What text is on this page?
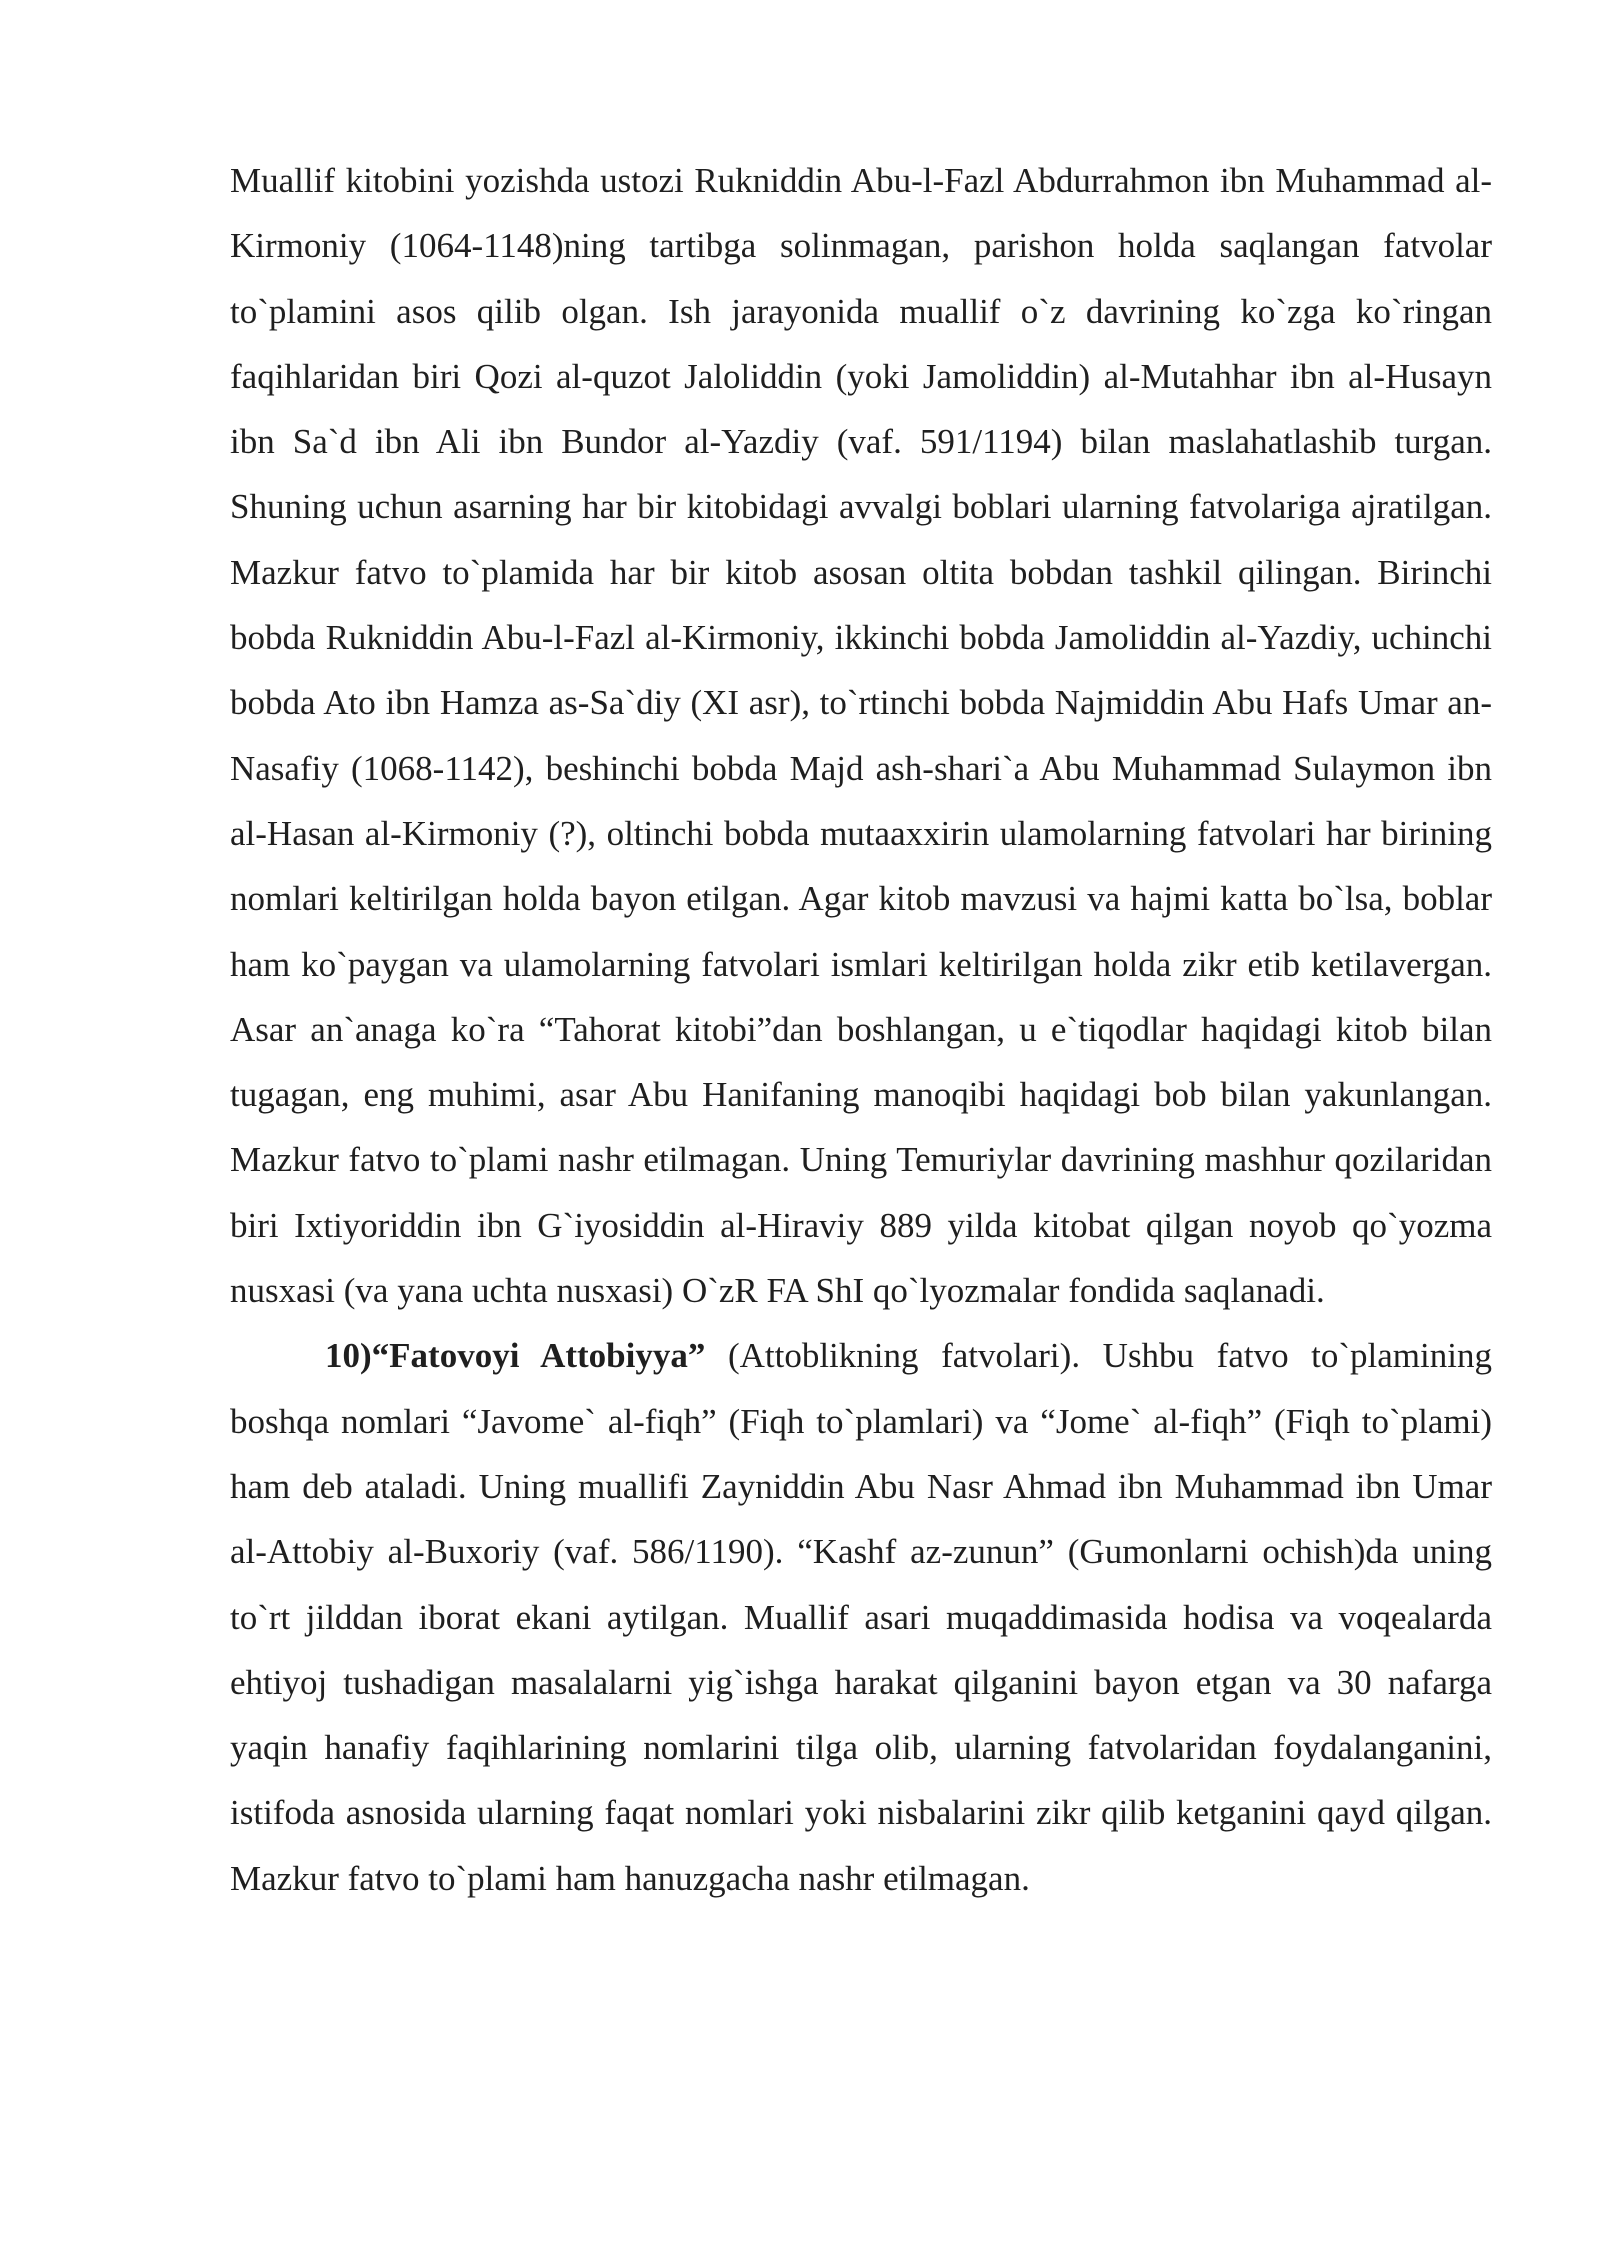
Muallif kitobini yozishda ustozi Rukniddin Abu-l-Fazl Abdurrahmon ibn Muhammad al-Kirmoniy (1064-1148)ning tartibga solinmagan, parishon holda saqlangan fatvolar to`plamini asos qilib olgan. Ish jarayonida muallif o`z davrining ko`zga ko`ringan faqihlaridan biri Qozi al-quzot Jaloliddin (yoki Jamoliddin) al-Mutahhar ibn al-Husayn ibn Sa`d ibn Ali ibn Bundor al-Yazdiy (vaf. 591/1194) bilan maslahatlashib turgan. Shuning uchun asarning har bir kitobidagi avvalgi boblari ularning fatvolariga ajratilgan. Mazkur fatvo to`plamida har bir kitob asosan oltita bobdan tashkil qilingan. Birinchi bobda Rukniddin Abu-l-Fazl al-Kirmoniy, ikkinchi bobda Jamoliddin al-Yazdiy, uchinchi bobda Ato ibn Hamza as-Sa`diy (XI asr), to`rtinchi bobda Najmiddin Abu Hafs Umar an-Nasafiy (1068-1142), beshinchi bobda Majd ash-shari`a Abu Muhammad Sulaymon ibn al-Hasan al-Kirmoniy (?), oltinchi bobda mutaaxxirin ulamolarning fatvolari har birining nomlari keltirilgan holda bayon etilgan. Agar kitob mavzusi va hajmi katta bo`lsa, boblar ham ko`paygan va ulamolarning fatvolari ismlari keltirilgan holda zikr etib ketilavergan. Asar an`anaga ko`ra “Tahorat kitobi”dan boshlangan, u e`tiqodlar haqidagi kitob bilan tugagan, eng muhimi, asar Abu Hanifaning manoqibi haqidagi bob bilan yakunlangan. Mazkur fatvo to`plami nashr etilmagan. Uning Temuriylar davrining mashhur qozilaridan biri Ixtiyoriddin ibn G`iyosiddin al-Hiraviy 889 yilda kitobat qilgan noyob qo`yozma nusxasi (va yana uchta nusxasi) O`zR FA ShI qo`lyozmalar fondida saqlanadi.

10)“Fatovoyi Attobiyya” (Attoblikning fatvolari). Ushbu fatvo to`plamining boshqa nomlari “Javome` al-fiqh” (Fiqh to`plamlari) va “Jome` al-fiqh” (Fiqh to`plami) ham deb ataladi. Uning muallifi Zayniddin Abu Nasr Ahmad ibn Muhammad ibn Umar al-Attobiy al-Buxoriy (vaf. 586/1190). “Kashf az-zunun” (Gumonlarni ochish)da uning to`rt jilddan iborat ekani aytilgan. Muallif asari muqaddimasida hodisa va voqealarda ehtiyoj tushadigan masalalarni yig`ishga harakat qilganini bayon etgan va 30 nafarga yaqin hanafiy faqihlarining nomlarini tilga olib, ularning fatvolaridan foydalanganini, istifoda asnosida ularning faqat nomlari yoki nisbalarini zikr qilib ketganini qayd qilgan. Mazkur fatvo to`plami ham hanuzgacha nashr etilmagan.
